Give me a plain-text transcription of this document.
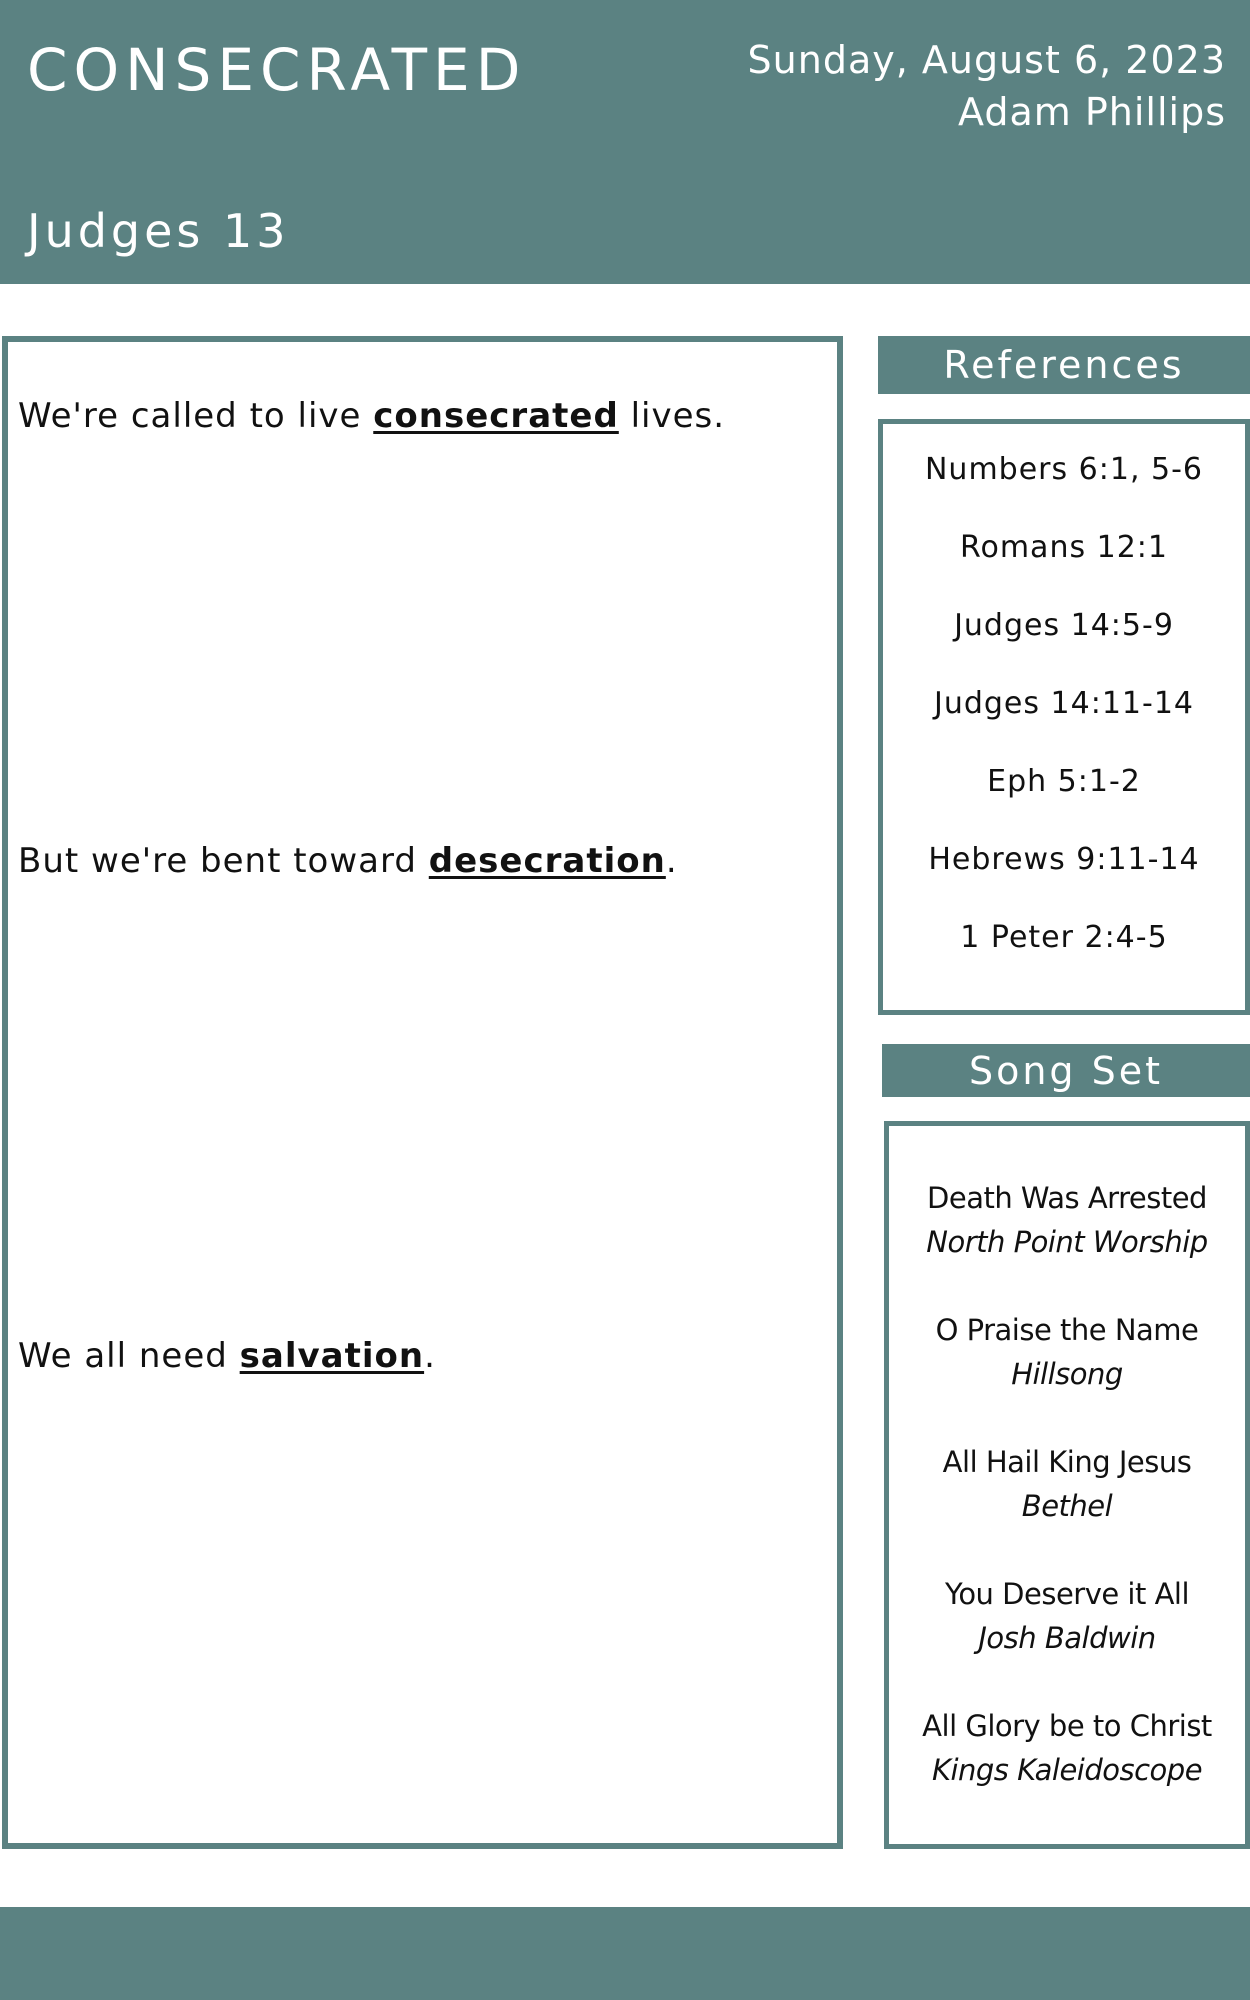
CONSECRATED	Sunday, August 6, 2023
Adam Phillips
Judges 13
We're called to live consecrated lives.
But we're bent toward desecration.
We all need salvation.
References
Numbers 6:1, 5-6
Romans 12:1
Judges 14:5-9
Judges 14:11-14
Eph 5:1-2
Hebrews 9:11-14
1 Peter 2:4-5
Song Set
Death Was Arrested
North Point Worship
O Praise the Name
Hillsong
All Hail King Jesus
Bethel
You Deserve it All
Josh Baldwin
All Glory be to Christ
Kings Kaleidoscope
